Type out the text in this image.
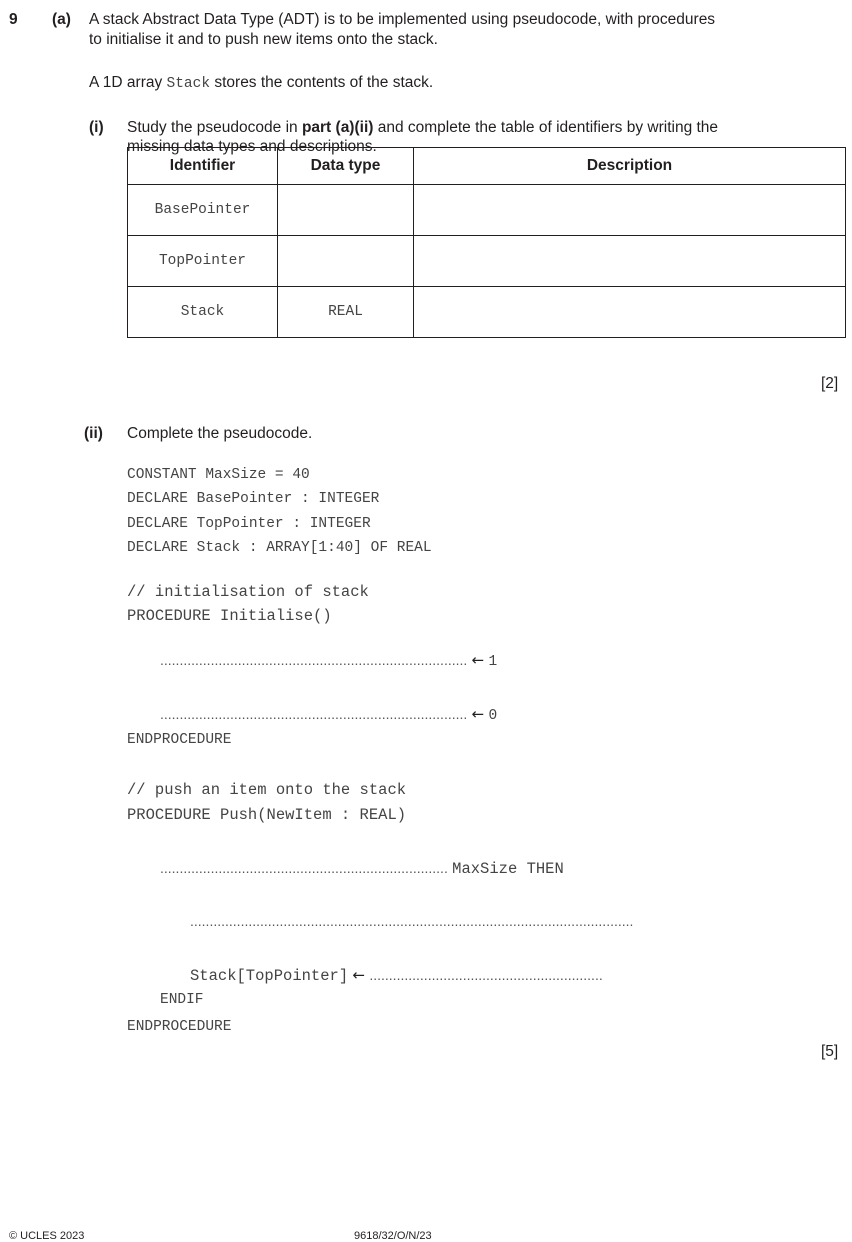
9 (a) A stack Abstract Data Type (ADT) is to be implemented using pseudocode, with procedures
to initialise it and to push new items onto the stack.
A 1D array Stack stores the contents of the stack.
(i) Study the pseudocode in part (a)(ii) and complete the table of identifiers by writing the
missing data types and descriptions.
Identifier	Data type	Description
BasePointer		
TopPointer		
Stack	REAL	
[2]
(ii) Complete the pseudocode.
CONSTANT MaxSize = 40
DECLARE BasePointer : INTEGER
DECLARE TopPointer : INTEGER
DECLARE Stack : ARRAY[1:40] OF REAL
// initialisation of stack
PROCEDURE Initialise()
............................................................................... ← 1
............................................................................... ← 0
ENDPROCEDURE
// push an item onto the stack
PROCEDURE Push(NewItem : REAL)
.......................................................................... MaxSize THEN
..................................................................................................................
Stack[TopPointer] ← ............................................................
ENDIF
ENDPROCEDURE
[5]
© UCLES 2023	9618/32/O/N/23
